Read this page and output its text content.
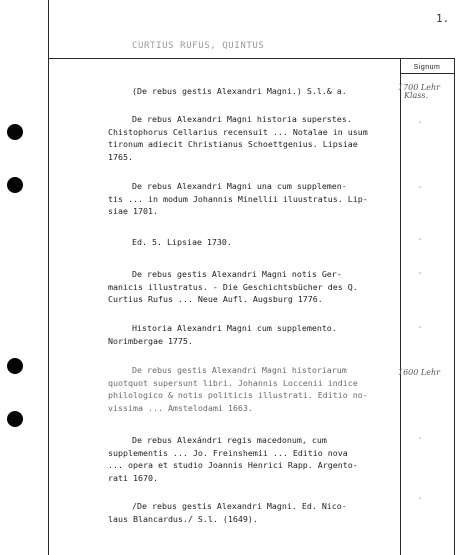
1.
CURTIUS RUFUS, QUINTUS
Signum
(De rebus gestis Alexandri Magni.) S.l.& a.	1700 Lehr
Klass.
De rebus Alexandri Magni historia superstes.
Chistophorus Cellarius recensuit ... Notalae in usum
tironum adiecit Christianus Schoettgenius. Lipsiae
1765.
″
De rebus Alexandri Magni una cum supplemen-
tis ... in modum Johannis Minellii iluustratus. Lip-
siae 1701.
″
Ed. 5. Lipsiae 1730.	″
De rebus gestis Alexandri Magni notis Ger-
manicis illustratus. - Die Geschichtsbücher des Q.
Curtius Rufus ... Neue Aufl. Augsburg 1776.
″
Historia Alexandri Magni cum supplemento.
Norimbergae 1775.
″
De rebus gestis Alexandri Magni historiarum
quotquot supersunt libri. Johannis Loccenii indice
philologico & notis politicis illustrati. Editio no-
vissima ... Amstelodami 1663.
1600 Lehr
De rebus Alexándri regis macedonum, cum
supplementis ... Jo. Freinshemii ... Editio nova
... opera et studio Joannis Henrici Rapp. Argento-
rati 1670.
″
/De rebus gestis Alexandri Magni. Ed. Nico-
laus Blancardus./ S.l. (1649).
″
